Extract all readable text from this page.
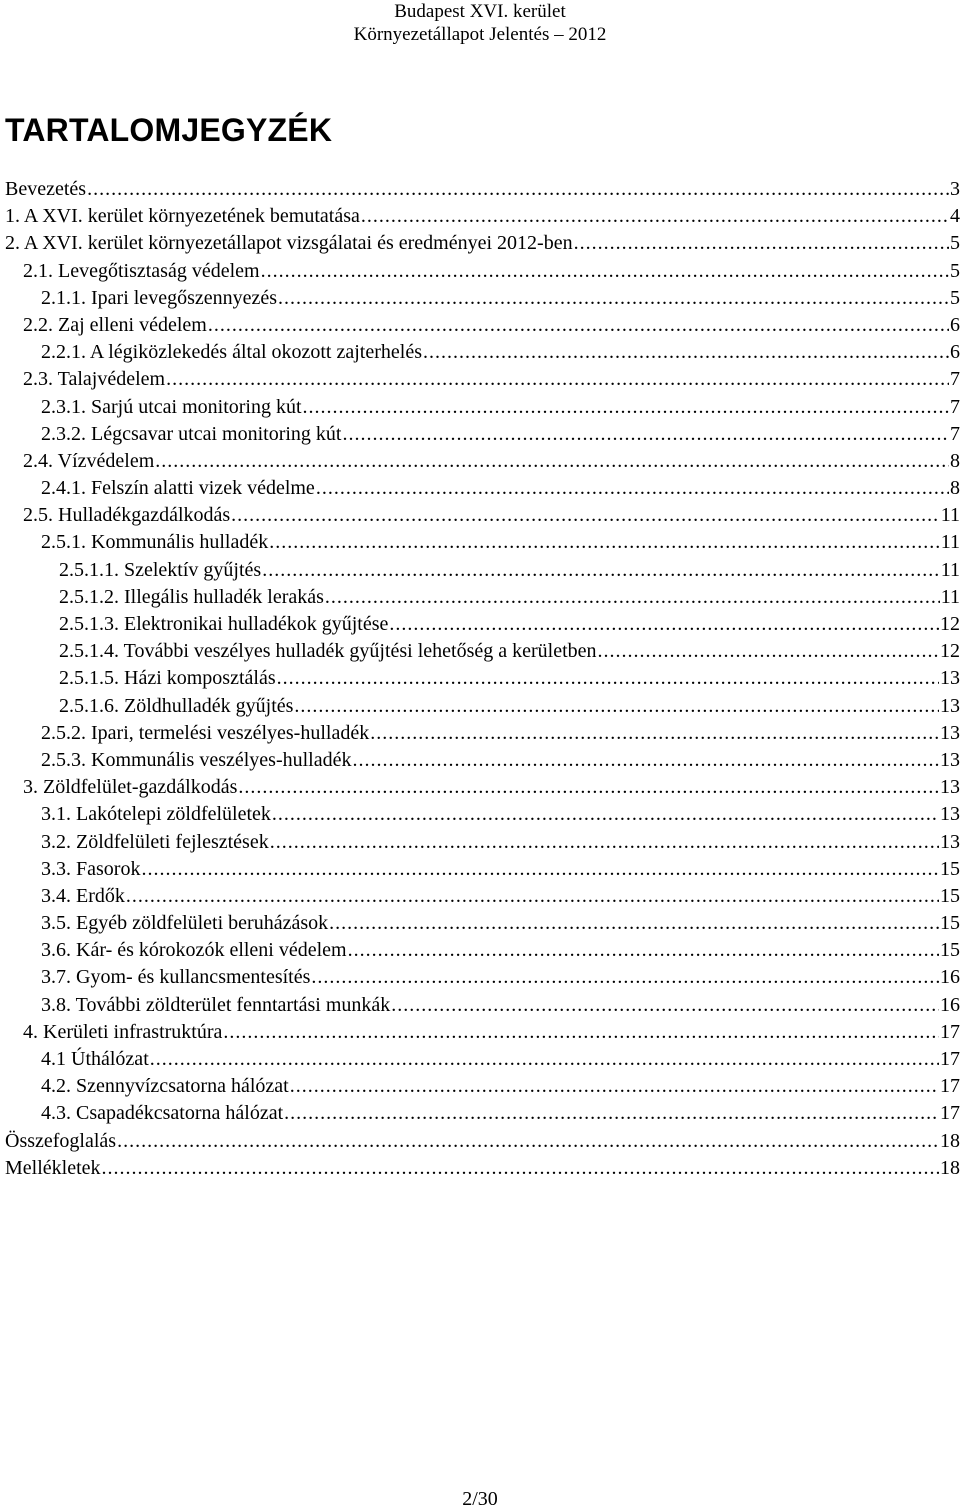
Budapest XVI. kerület
Környezetállapot Jelentés – 2012
TARTALOMJEGYZÉK
Bevezetés .....	3
1. A XVI. kerület környezetének bemutatása .....	4
2. A XVI. kerület környezetállapot vizsgálatai és eredményei 2012-ben .....	5
2.1. Levegőtisztaság védelem .....	5
2.1.1. Ipari levegőszennyezés .....	5
2.2. Zaj elleni védelem .....	6
2.2.1. A légiközlekedés által okozott zajterhelés .....	6
2.3. Talajvédelem .....	7
2.3.1. Sarjú utcai monitoring kút .....	7
2.3.2. Légcsavar utcai monitoring kút .....	7
2.4. Vízvédelem .....	8
2.4.1. Felszín alatti vizek védelme .....	8
2.5. Hulladékgazdálkodás .....	11
2.5.1. Kommunális hulladék .....	11
2.5.1.1. Szelektív gyűjtés .....	11
2.5.1.2. Illegális hulladék lerakás .....	11
2.5.1.3. Elektronikai hulladékok gyűjtése .....	12
2.5.1.4. További veszélyes hulladék gyűjtési lehetőség a kerületben .....	12
2.5.1.5. Házi komposztálás .....	13
2.5.1.6. Zöldhulladék gyűjtés .....	13
2.5.2. Ipari, termelési veszélyes-hulladék .....	13
2.5.3. Kommunális veszélyes-hulladék .....	13
3. Zöldfelület-gazdálkodás .....	13
3.1. Lakótelepi zöldfelületek .....	13
3.2. Zöldfelületi fejlesztések .....	13
3.3. Fasorok .....	15
3.4. Erdők .....	15
3.5. Egyéb zöldfelületi beruházások .....	15
3.6. Kár- és kórokozók elleni védelem .....	15
3.7. Gyom- és kullancsmentesítés .....	16
3.8. További zöldterület fenntartási munkák .....	16
4. Kerületi infrastruktúra .....	17
4.1 Úthálózat .....	17
4.2. Szennyvízcsatorna hálózat .....	17
4.3. Csapadékcsatorna hálózat .....	17
Összefoglalás .....	18
Mellékletek .....	18
2/30
